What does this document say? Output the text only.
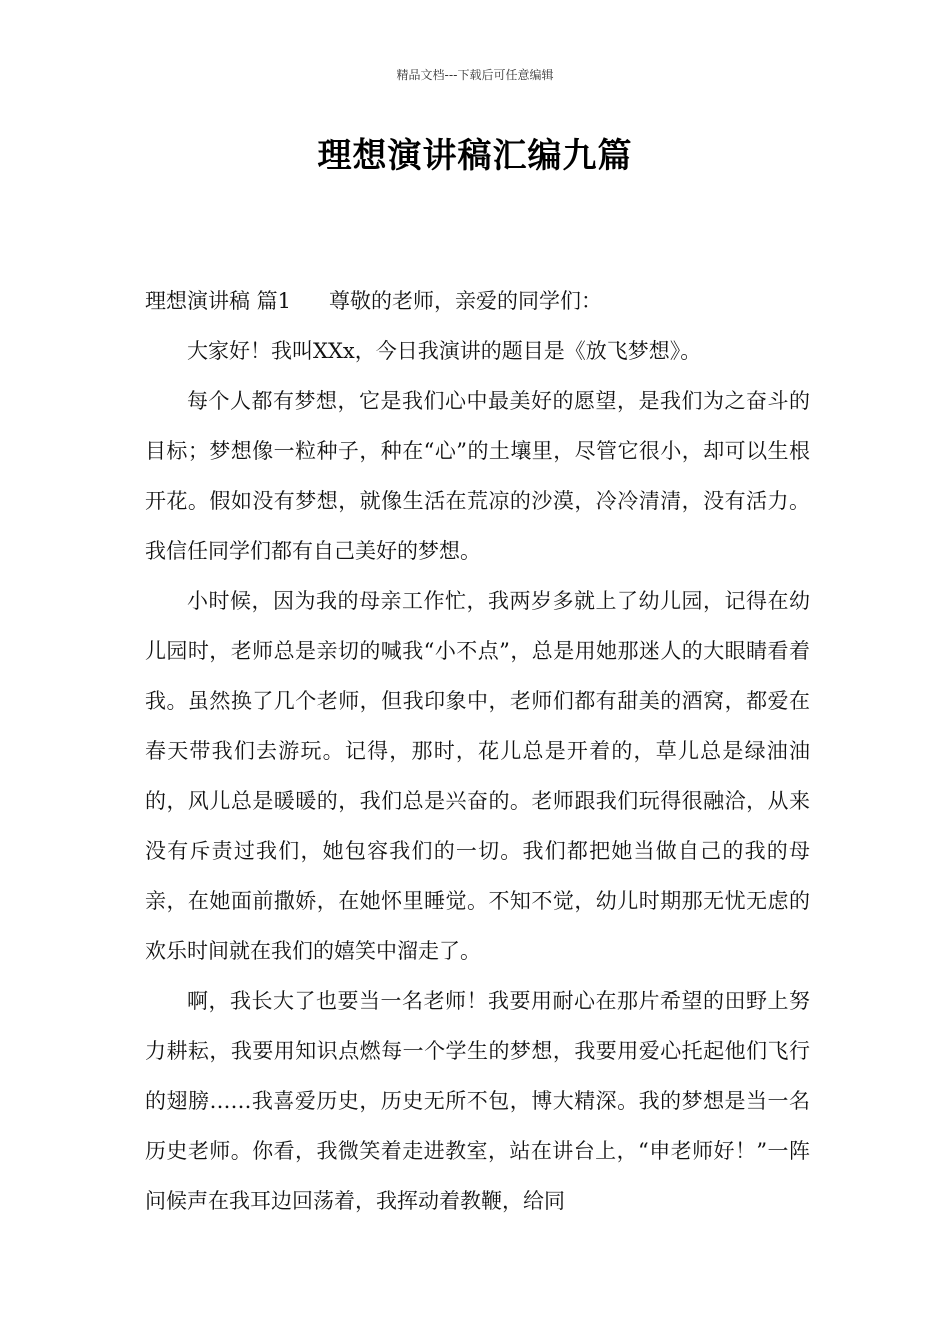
精品文档---下载后可任意编辑
理想演讲稿汇编九篇

理想演讲稿 篇1 尊敬的老师，亲爱的同学们：

大家好！我叫XXx，今日我演讲的题目是《放飞梦想》。

每个人都有梦想，它是我们心中最美好的愿望，是我们为之奋斗的目标；梦想像一粒种子，种在“心”的土壤里，尽管它很小，却可以生根开花。假如没有梦想，就像生活在荒凉的沙漠，冷冷清清，没有活力。我信任同学们都有自己美好的梦想。

小时候，因为我的母亲工作忙，我两岁多就上了幼儿园，记得在幼儿园时，老师总是亲切的喊我“小不点”，总是用她那迷人的大眼睛看着我。虽然换了几个老师，但我印象中，老师们都有甜美的酒窝，都爱在春天带我们去游玩。记得，那时，花儿总是开着的，草儿总是绿油油的，风儿总是暖暖的，我们总是兴奋的。老师跟我们玩得很融洽，从来没有斥责过我们，她包容我们的一切。我们都把她当做自己的我的母亲，在她面前撒娇，在她怀里睡觉。不知不觉，幼儿时期那无忧无虑的欢乐时间就在我们的嬉笑中溜走了。

啊，我长大了也要当一名老师！我要用耐心在那片希望的田野上努力耕耘，我要用知识点燃每一个学生的梦想，我要用爱心托起他们飞行的翅膀……我喜爱历史，历史无所不包，博大精深。我的梦想是当一名历史老师。你看，我微笑着走进教室，站在讲台上，“申老师好！”一阵问候声在我耳边回荡着，我挥动着教鞭，给同
